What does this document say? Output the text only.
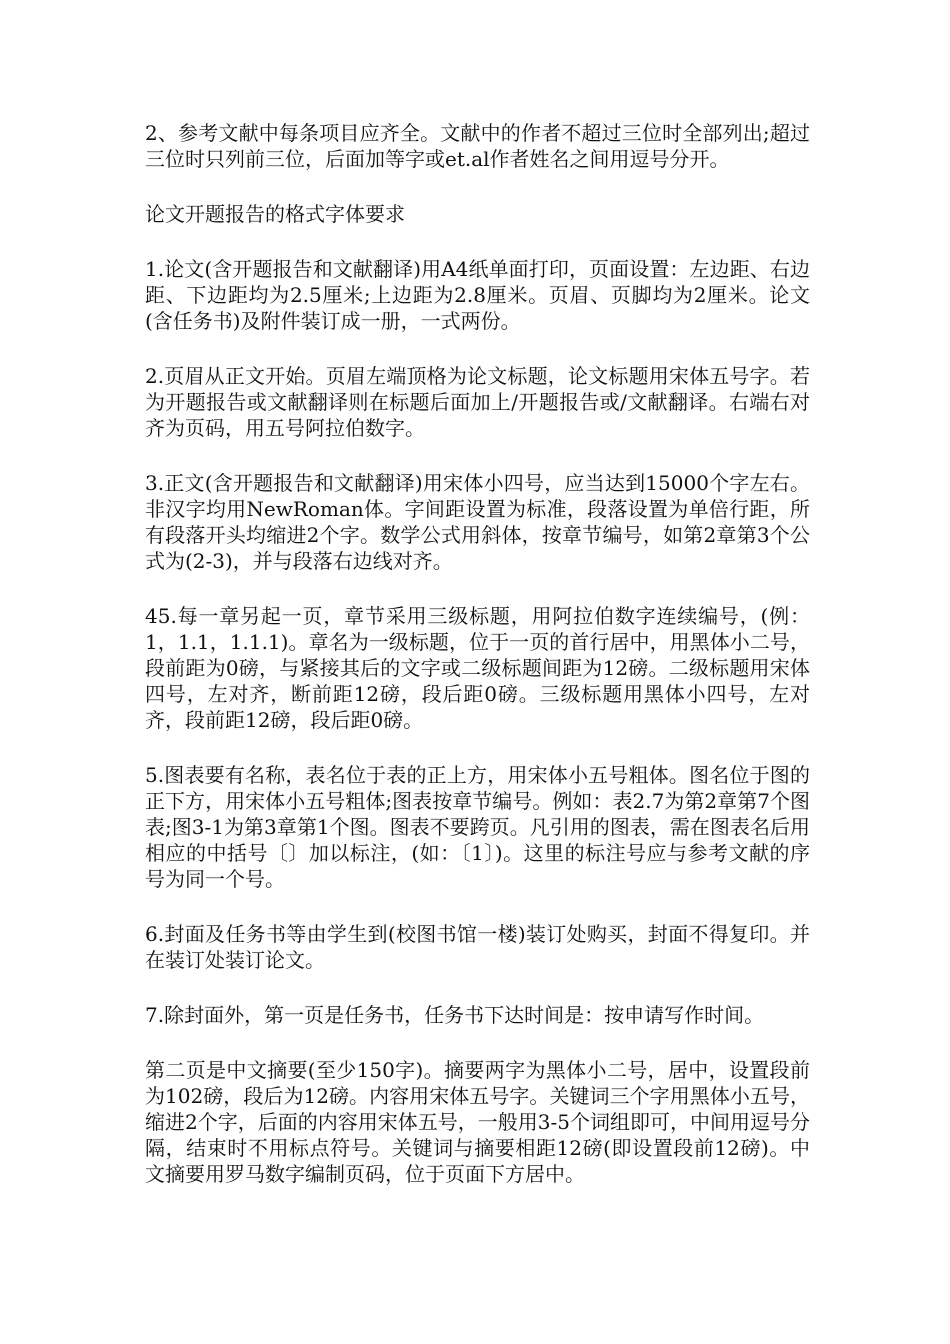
2、参考文献中每条项目应齐全。文献中的作者不超过三位时全部列出;超过三位时只列前三位，后面加等字或et.al作者姓名之间用逗号分开。

论文开题报告的格式字体要求

1.论文(含开题报告和文献翻译)用A4纸单面打印，页面设置：左边距、右边距、下边距均为2.5厘米;上边距为2.8厘米。页眉、页脚均为2厘米。论文(含任务书)及附件装订成一册，一式两份。

2.页眉从正文开始。页眉左端顶格为论文标题，论文标题用宋体五号字。若为开题报告或文献翻译则在标题后面加上/开题报告或/文献翻译。右端右对齐为页码，用五号阿拉伯数字。

3.正文(含开题报告和文献翻译)用宋体小四号，应当达到15000个字左右。非汉字均用NewRoman体。字间距设置为标准，段落设置为单倍行距，所有段落开头均缩进2个字。数学公式用斜体，按章节编号，如第2章第3个公式为(2-3)，并与段落右边线对齐。

45.每一章另起一页，章节采用三级标题，用阿拉伯数字连续编号，(例：1，1.1，1.1.1)。章名为一级标题，位于一页的首行居中，用黑体小二号，段前距为0磅，与紧接其后的文字或二级标题间距为12磅。二级标题用宋体四号，左对齐，断前距12磅，段后距0磅。三级标题用黑体小四号，左对齐，段前距12磅，段后距0磅。

5.图表要有名称，表名位于表的正上方，用宋体小五号粗体。图名位于图的正下方，用宋体小五号粗体;图表按章节编号。例如：表2.7为第2章第7个图表;图3-1为第3章第1个图。图表不要跨页。凡引用的图表，需在图表名后用相应的中括号〔〕加以标注，(如：〔1〕)。这里的标注号应与参考文献的序号为同一个号。

6.封面及任务书等由学生到(校图书馆一楼)装订处购买，封面不得复印。并在装订处装订论文。

7.除封面外，第一页是任务书，任务书下达时间是：按申请写作时间。

第二页是中文摘要(至少150字)。摘要两字为黑体小二号，居中，设置段前为102磅，段后为12磅。内容用宋体五号字。关键词三个字用黑体小五号，缩进2个字，后面的内容用宋体五号，一般用3-5个词组即可，中间用逗号分隔，结束时不用标点符号。关键词与摘要相距12磅(即设置段前12磅)。中文摘要用罗马数字编制页码，位于页面下方居中。
